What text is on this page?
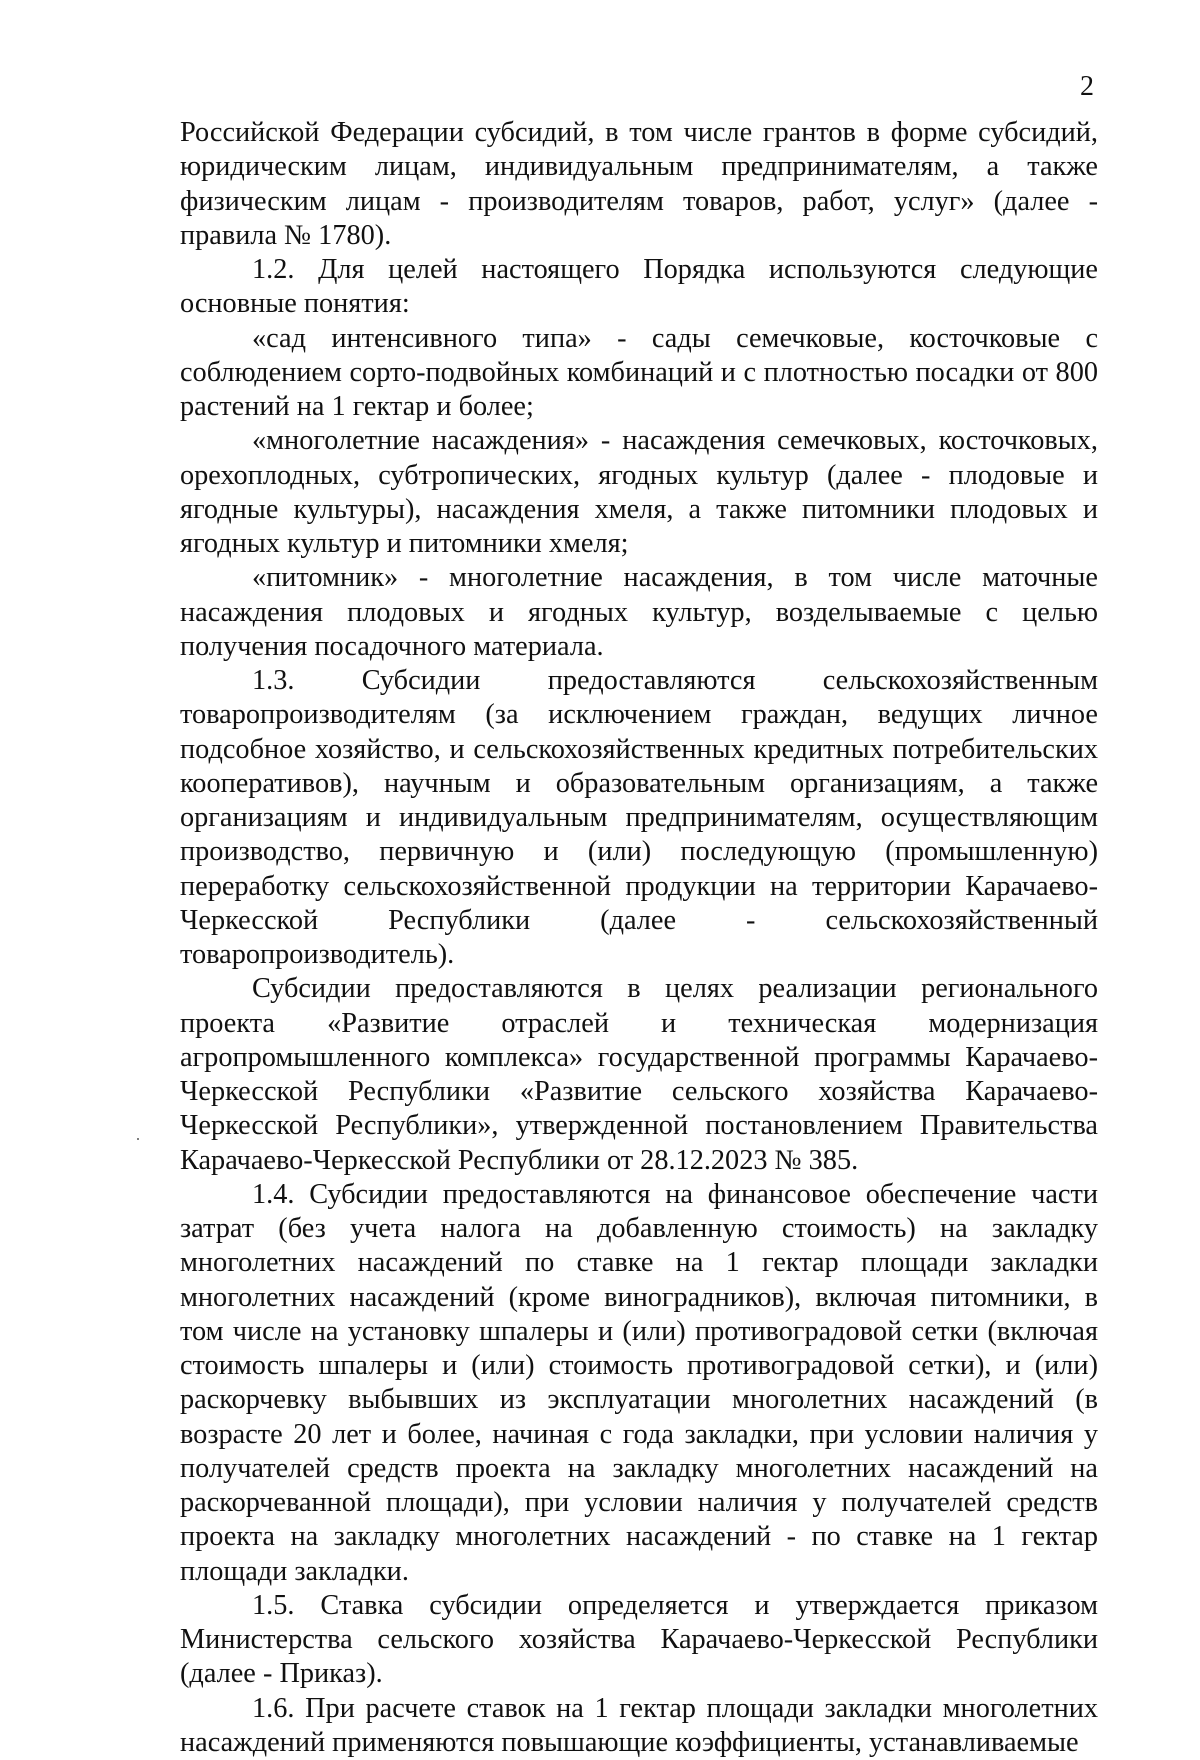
2

Российской Федерации субсидий, в том числе грантов в форме субсидий, юридическим лицам, индивидуальным предпринимателям, а также физическим лицам - производителям товаров, работ, услуг» (далее - правила № 1780).

1.2. Для целей настоящего Порядка используются следующие основные понятия:

«сад интенсивного типа» - сады семечковые, косточковые с соблюдением сорто-подвойных комбинаций и с плотностью посадки от 800 растений на 1 гектар и более;

«многолетние насаждения» - насаждения семечковых, косточковых, орехоплодных, субтропических, ягодных культур (далее - плодовые и ягодные культуры), насаждения хмеля, а также питомники плодовых и ягодных культур и питомники хмеля;

«питомник» - многолетние насаждения, в том числе маточные насаждения плодовых и ягодных культур, возделываемые с целью получения посадочного материала.

1.3. Субсидии предоставляются сельскохозяйственным товаропроизводителям (за исключением граждан, ведущих личное подсобное хозяйство, и сельскохозяйственных кредитных потребительских кооперативов), научным и образовательным организациям, а также организациям и индивидуальным предпринимателям, осуществляющим производство, первичную и (или) последующую (промышленную) переработку сельскохозяйственной продукции на территории Карачаево-Черкесской Республики (далее - сельскохозяйственный товаропроизводитель).

Субсидии предоставляются в целях реализации регионального проекта «Развитие отраслей и техническая модернизация агропромышленного комплекса» государственной программы Карачаево-Черкесской Республики «Развитие сельского хозяйства Карачаево-Черкесской Республики», утвержденной постановлением Правительства Карачаево-Черкесской Республики от 28.12.2023 № 385.

1.4. Субсидии предоставляются на финансовое обеспечение части затрат (без учета налога на добавленную стоимость) на закладку многолетних насаждений по ставке на 1 гектар площади закладки многолетних насаждений (кроме виноградников), включая питомники, в том числе на установку шпалеры и (или) противоградовой сетки (включая стоимость шпалеры и (или) стоимость противоградовой сетки), и (или) раскорчевку выбывших из эксплуатации многолетних насаждений (в возрасте 20 лет и более, начиная с года закладки, при условии наличия у получателей средств проекта на закладку многолетних насаждений на раскорчеванной площади), при условии наличия у получателей средств проекта на закладку многолетних насаждений - по ставке на 1 гектар площади закладки.

1.5. Ставка субсидии определяется и утверждается приказом Министерства сельского хозяйства Карачаево-Черкесской Республики (далее - Приказ).

1.6. При расчете ставок на 1 гектар площади закладки многолетних насаждений применяются повышающие коэффициенты, устанавливаемые
